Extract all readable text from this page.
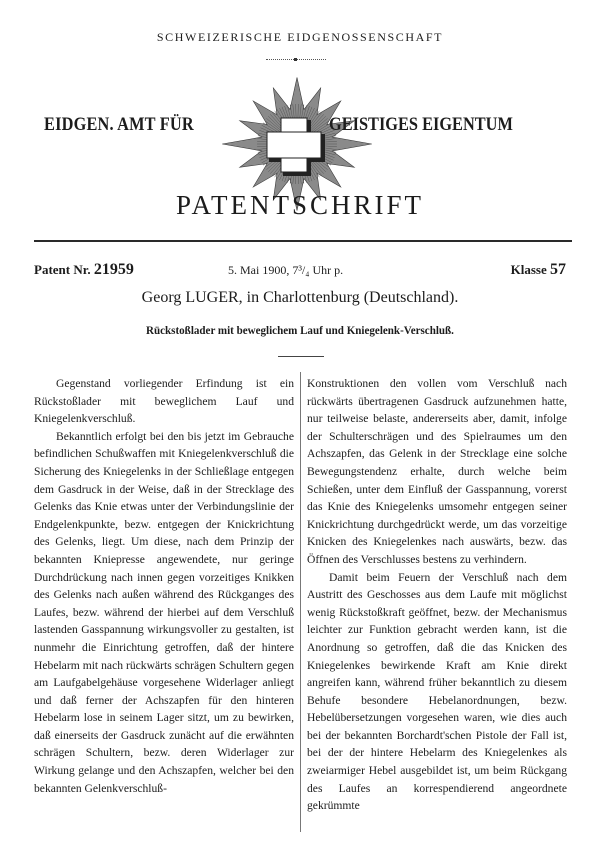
SCHWEIZERISCHE EIDGENOSSENSCHAFT
EIDGEN. AMT FÜR	GEISTIGES EIGENTUM
PATENTSCHRIFT
Patent Nr. 21959	5. Mai 1900, 7³/₄ Uhr p.	Klasse 57
Georg LUGER, in Charlottenburg (Deutschland).
Rückstoßlader mit beweglichem Lauf und Kniegelenk-Verschluß.

Gegenstand vorliegender Erfindung ist ein Rückstoßlader mit beweglichem Lauf und Kniegelenkverschluß.

Bekanntlich erfolgt bei den bis jetzt im Gebrauche befindlichen Schußwaffen mit Kniegelenkverschluß die Sicherung des Kniegelenks in der Schließlage entgegen dem Gasdruck in der Weise, daß in der Strecklage des Gelenks das Knie etwas unter der Verbindungslinie der Endgelenkpunkte, bezw. entgegen der Knickrichtung des Gelenks, liegt. Um diese, nach dem Prinzip der bekannten Kniepresse angewendete, nur geringe Durchdrückung nach innen gegen vorzeitiges Knikken des Gelenks nach außen während des Rückganges des Laufes, bezw. während der hierbei auf dem Verschluß lastenden Gasspannung wirkungsvoller zu gestalten, ist nunmehr die Einrichtung getroffen, daß der hintere Hebelarm mit nach rückwärts schrägen Schultern gegen am Laufgabelgehäuse vorgesehene Widerlager anliegt und daß ferner der Achszapfen für den hinteren Hebelarm lose in seinem Lager sitzt, um zu bewirken, daß einerseits der Gasdruck zunächt auf die erwähnten schrägen Schultern, bezw. deren Widerlager zur Wirkung gelange und den Achszapfen, welcher bei den bekannten Gelenkverschluß-

Konstruktionen den vollen vom Verschluß nach rückwärts übertragenen Gasdruck aufzunehmen hatte, nur teilweise belaste, andererseits aber, damit, infolge der Schulterschrägen und des Spielraumes um den Achszapfen, das Gelenk in der Strecklage eine solche Bewegungstendenz erhalte, durch welche beim Schießen, unter dem Einfluß der Gasspannung, vorerst das Knie des Kniegelenks umsomehr entgegen seiner Knickrichtung durchgedrückt werde, um das vorzeitige Knicken des Kniegelenkes nach auswärts, bezw. das Öffnen des Verschlusses bestens zu verhindern.

Damit beim Feuern der Verschluß nach dem Austritt des Geschosses aus dem Laufe mit möglichst wenig Rückstoßkraft geöffnet, bezw. der Mechanismus leichter zur Funktion gebracht werden kann, ist die Anordnung so getroffen, daß die das Knicken des Kniegelenkes bewirkende Kraft am Knie direkt angreifen kann, während früher bekanntlich zu diesem Behufe besondere Hebelanordnungen, bezw. Hebelübersetzungen vorgesehen waren, wie dies auch bei der bekannten Borchardt'schen Pistole der Fall ist, bei der der hintere Hebelarm des Kniegelenkes als zweiarmiger Hebel ausgebildet ist, um beim Rückgang des Laufes an korrespendierend angeordnete gekrümmte
